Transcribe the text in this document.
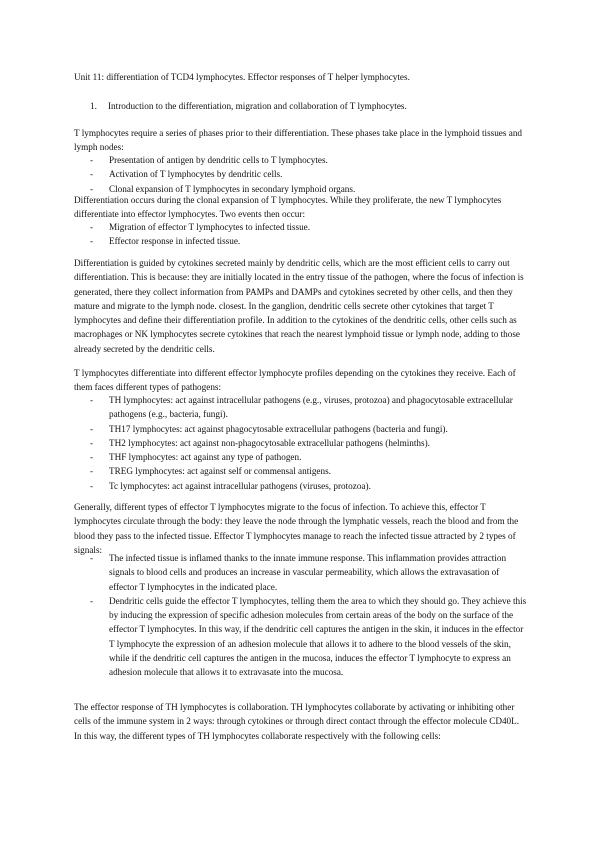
Unit 11: differentiation of TCD4 lymphocytes. Effector responses of T helper lymphocytes.

1. Introduction to the differentiation, migration and collaboration of T lymphocytes.

T lymphocytes require a series of phases prior to their differentiation. These phases take place in the lymphoid tissues and lymph nodes:

- Presentation of antigen by dendritic cells to T lymphocytes.
- Activation of T lymphocytes by dendritic cells.
- Clonal expansion of T lymphocytes in secondary lymphoid organs.

Differentiation occurs during the clonal expansion of T lymphocytes. While they proliferate, the new T lymphocytes differentiate into effector lymphocytes. Two events then occur:

- Migration of effector T lymphocytes to infected tissue.
- Effector response in infected tissue.

Differentiation is guided by cytokines secreted mainly by dendritic cells, which are the most efficient cells to carry out differentiation. This is because: they are initially located in the entry tissue of the pathogen, where the focus of infection is generated, there they collect information from PAMPs and DAMPs and cytokines secreted by other cells, and then they mature and migrate to the lymph node. closest. In the ganglion, dendritic cells secrete other cytokines that target T lymphocytes and define their differentiation profile. In addition to the cytokines of the dendritic cells, other cells such as macrophages or NK lymphocytes secrete cytokines that reach the nearest lymphoid tissue or lymph node, adding to those already secreted by the dendritic cells.

T lymphocytes differentiate into different effector lymphocyte profiles depending on the cytokines they receive. Each of them faces different types of pathogens:

- TH lymphocytes: act against intracellular pathogens (e.g., viruses, protozoa) and phagocytosable extracellular pathogens (e.g., bacteria, fungi).
- TH17 lymphocytes: act against phagocytosable extracellular pathogens (bacteria and fungi).
- TH2 lymphocytes: act against non-phagocytosable extracellular pathogens (helminths).
- THF lymphocytes: act against any type of pathogen.
- TREG lymphocytes: act against self or commensal antigens.
- Tc lymphocytes: act against intracellular pathogens (viruses, protozoa).

Generally, different types of effector T lymphocytes migrate to the focus of infection. To achieve this, effector T lymphocytes circulate through the body: they leave the node through the lymphatic vessels, reach the blood and from the blood they pass to the infected tissue. Effector T lymphocytes manage to reach the infected tissue attracted by 2 types of signals:

- The infected tissue is inflamed thanks to the innate immune response. This inflammation provides attraction signals to blood cells and produces an increase in vascular permeability, which allows the extravasation of effector T lymphocytes in the indicated place.
- Dendritic cells guide the effector T lymphocytes, telling them the area to which they should go. They achieve this by inducing the expression of specific adhesion molecules from certain areas of the body on the surface of the effector T lymphocytes. In this way, if the dendritic cell captures the antigen in the skin, it induces in the effector T lymphocyte the expression of an adhesion molecule that allows it to adhere to the blood vessels of the skin, while if the dendritic cell captures the antigen in the mucosa, induces the effector T lymphocyte to express an adhesion molecule that allows it to extravasate into the mucosa.
The effector response of TH lymphocytes is collaboration. TH lymphocytes collaborate by activating or inhibiting other cells of the immune system in 2 ways: through cytokines or through direct contact through the effector molecule CD40L.
In this way, the different types of TH lymphocytes collaborate respectively with the following cells:
